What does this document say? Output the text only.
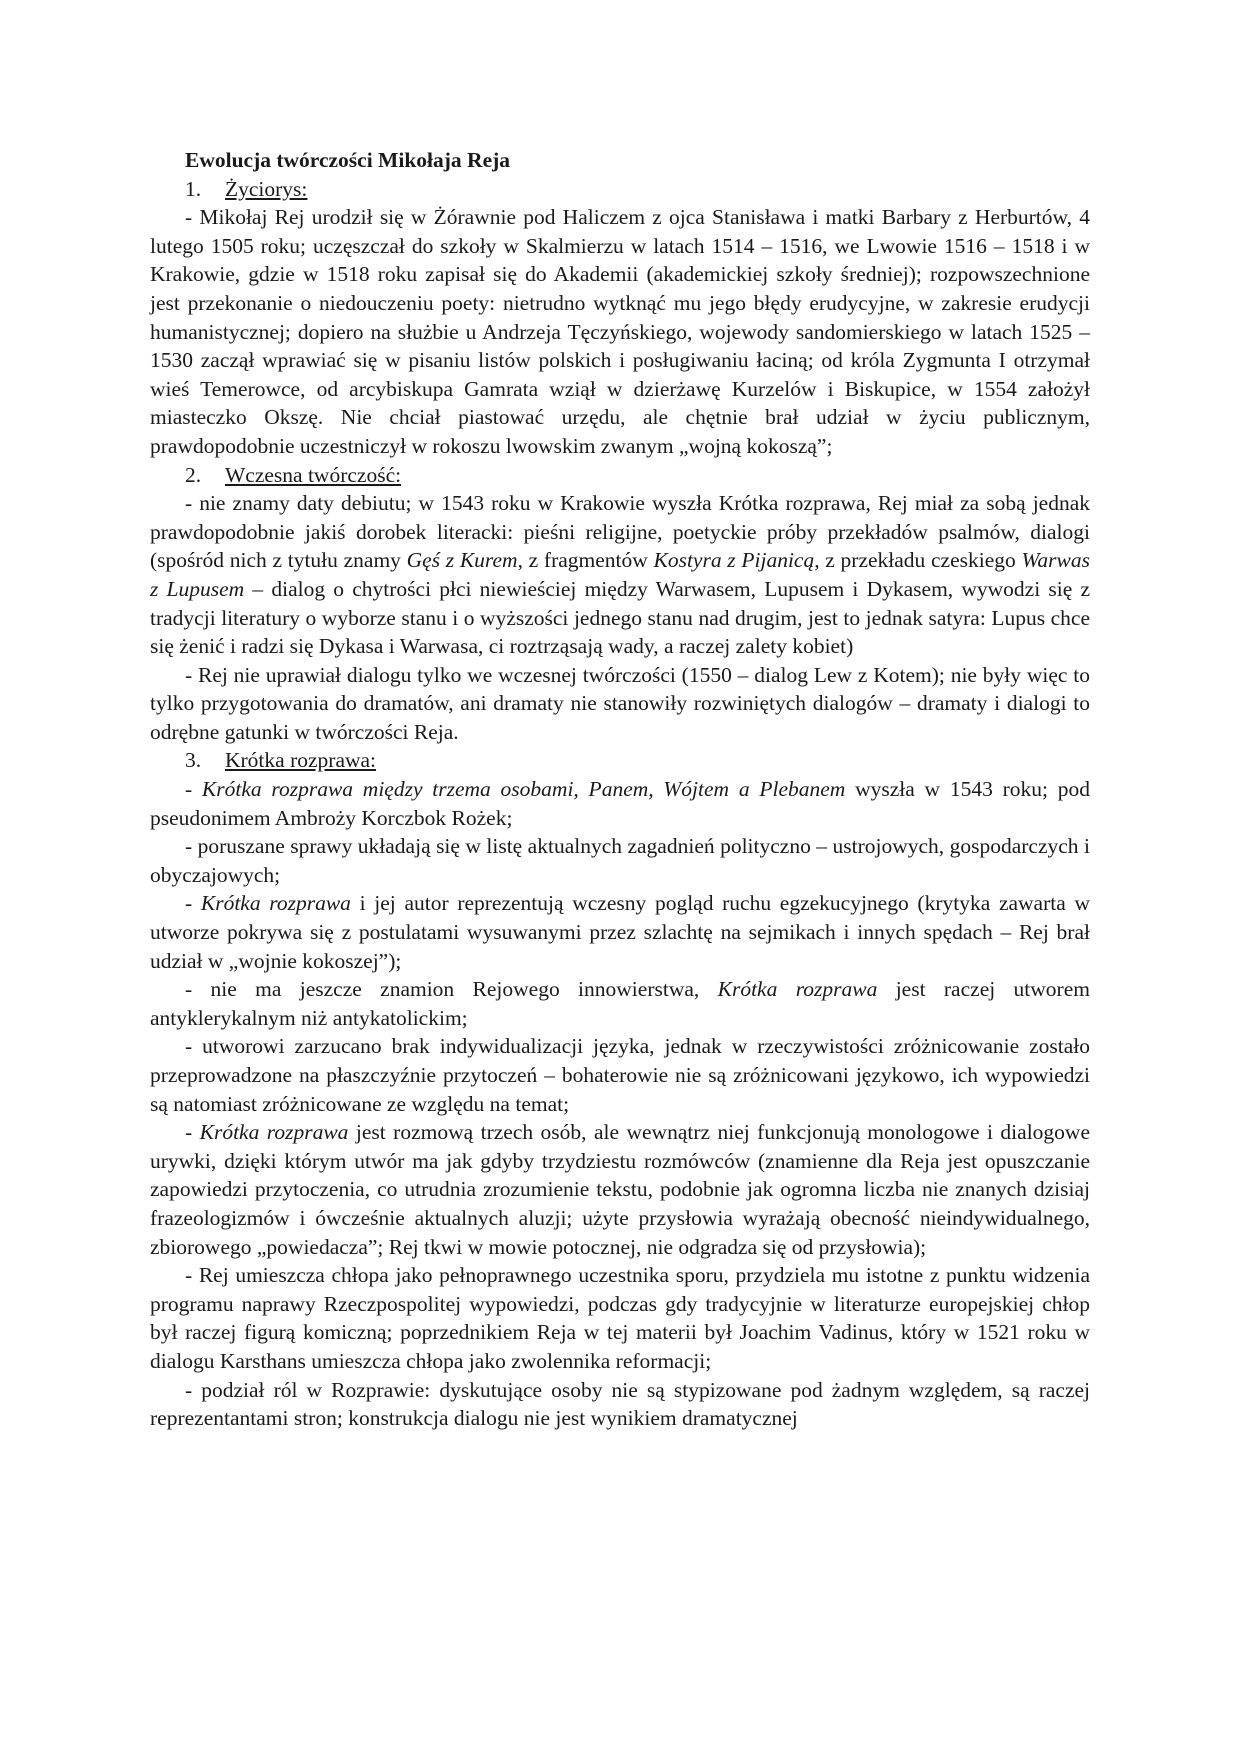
Ewolucja twórczości Mikołaja Reja
1. Życiorys:

- Mikołaj Rej urodził się w Żórawnie pod Haliczem z ojca Stanisława i matki Barbary z Herburtów, 4 lutego 1505 roku; uczęszczał do szkoły w Skalmierzu w latach 1514 – 1516, we Lwowie 1516 – 1518 i w Krakowie, gdzie w 1518 roku zapisał się do Akademii (akademickiej szkoły średniej); rozpowszechnione jest przekonanie o niedouczeniu poety: nietrudno wytknąć mu jego błędy erudycyjne, w zakresie erudycji humanistycznej; dopiero na służbie u Andrzeja Tęczyńskiego, wojewody sandomierskiego w latach 1525 – 1530 zaczął wprawiać się w pisaniu listów polskich i posługiwaniu łaciną; od króla Zygmunta I otrzymał wieś Temerowce, od arcybiskupa Gamrata wziął w dzierżawę Kurzelów i Biskupice, w 1554 założył miasteczko Okszę. Nie chciał piastować urzędu, ale chętnie brał udział w życiu publicznym, prawdopodobnie uczestniczył w rokoszu lwowskim zwanym „wojną kokoszą”;

2. Wczesna twórczość:

- nie znamy daty debiutu; w 1543 roku w Krakowie wyszła Krótka rozprawa, Rej miał za sobą jednak prawdopodobnie jakiś dorobek literacki: pieśni religijne, poetyckie próby przekładów psalmów, dialogi (spośród nich z tytułu znamy Gęś z Kurem, z fragmentów Kostyra z Pijanicą, z przekładu czeskiego Warwas z Lupusem – dialog o chytrości płci niewieściej między Warwasem, Lupusem i Dykasem, wywodzi się z tradycji literatury o wyborze stanu i o wyższości jednego stanu nad drugim, jest to jednak satyra: Lupus chce się żenić i radzi się Dykasa i Warwasa, ci roztrząsają wady, a raczej zalety kobiet)

- Rej nie uprawiał dialogu tylko we wczesnej twórczości (1550 – dialog Lew z Kotem); nie były więc to tylko przygotowania do dramatów, ani dramaty nie stanowiły rozwiniętych dialogów – dramaty i dialogi to odrębne gatunki w twórczości Reja.

3. Krótka rozprawa:

- Krótka rozprawa między trzema osobami, Panem, Wójtem a Plebanem wyszła w 1543 roku; pod pseudonimem Ambroży Korczbok Rożek;

- poruszane sprawy układają się w listę aktualnych zagadnień polityczno – ustrojowych, gospodarczych i obyczajowych;

- Krótka rozprawa i jej autor reprezentują wczesny pogląd ruchu egzekucyjnego (krytyka zawarta w utworze pokrywa się z postulatami wysuwanymi przez szlachtę na sejmikach i innych spędach – Rej brał udział w „wojnie kokoszej”);

- nie ma jeszcze znamion Rejowego innowierstwa, Krótka rozprawa jest raczej utworem antyklerykalnym niż antykatolickim;

- utworowi zarzucano brak indywidualizacji języka, jednak w rzeczywistości zróżnicowanie zostało przeprowadzone na płaszczyźnie przytoczeń – bohaterowie nie są zróżnicowani językowo, ich wypowiedzi są natomiast zróżnicowane ze względu na temat;

- Krótka rozprawa jest rozmową trzech osób, ale wewnątrz niej funkcjonują monologowe i dialogowe urywki, dzięki którym utwór ma jak gdyby trzydziestu rozmówców (znamienne dla Reja jest opuszczanie zapowiedzi przytoczenia, co utrudnia zrozumienie tekstu, podobnie jak ogromna liczba nie znanych dzisiaj frazeologizmów i ówcześnie aktualnych aluzji; użyte przysłowia wyrażają obecność nieindywidualnego, zbiorowego „powiedacza”; Rej tkwi w mowie potocznej, nie odgradza się od przysłowia);

- Rej umieszcza chłopa jako pełnoprawnego uczestnika sporu, przydziela mu istotne z punktu widzenia programu naprawy Rzeczpospolitej wypowiedzi, podczas gdy tradycyjnie w literaturze europejskiej chłop był raczej figurą komiczną; poprzednikiem Reja w tej materii był Joachim Vadinus, który w 1521 roku w dialogu Karsthans umieszcza chłopa jako zwolennika reformacji;

- podział ról w Rozprawie: dyskutujące osoby nie są stypizowane pod żadnym względem, są raczej reprezentantami stron; konstrukcja dialogu nie jest wynikiem dramatycznej
